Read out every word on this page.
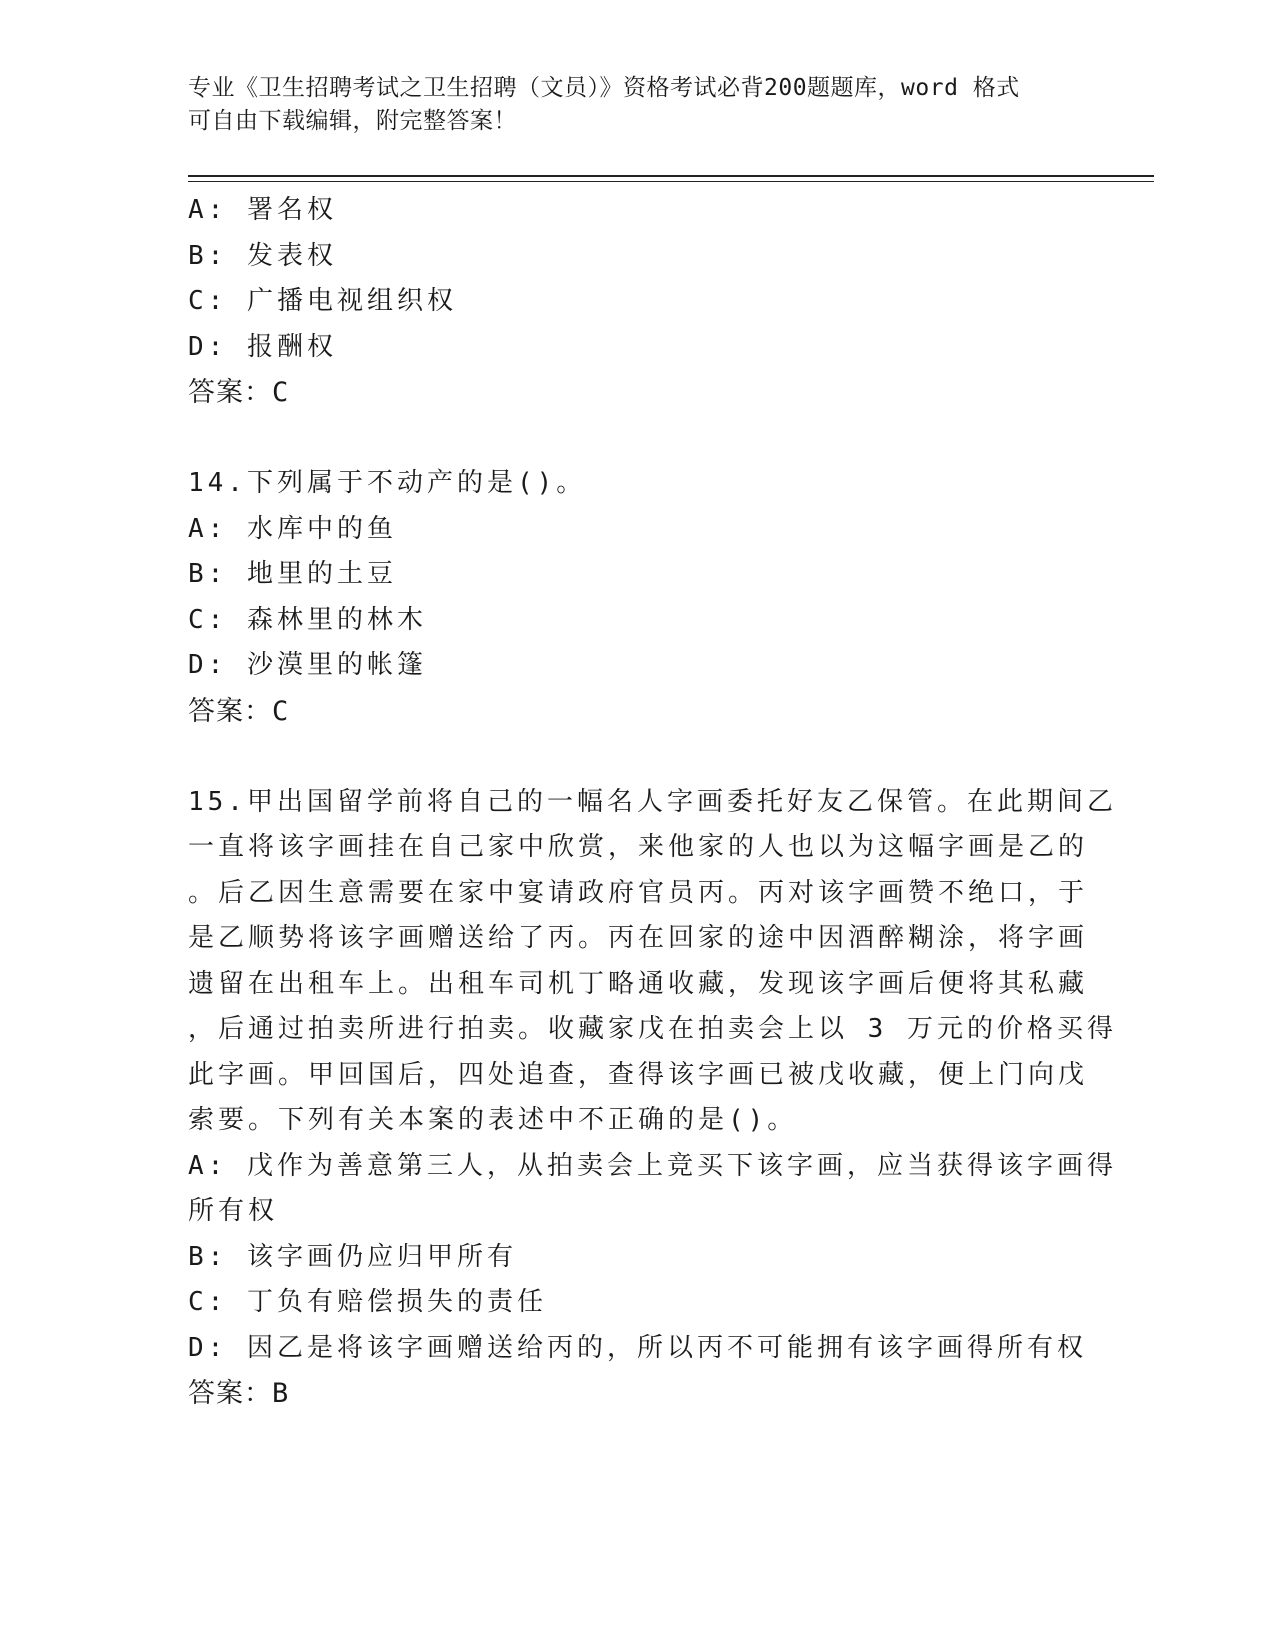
专业《卫生招聘考试之卫生招聘（文员）》资格考试必背200题题库，word 格式
可自由下载编辑，附完整答案！
A: 署名权
B: 发表权
C: 广播电视组织权
D: 报酬权
答案：C
14.下列属于不动产的是()。
A: 水库中的鱼
B: 地里的土豆
C: 森林里的林木
D: 沙漠里的帐篷
答案：C
15.甲出国留学前将自己的一幅名人字画委托好友乙保管。在此期间乙
一直将该字画挂在自己家中欣赏，来他家的人也以为这幅字画是乙的
。后乙因生意需要在家中宴请政府官员丙。丙对该字画赞不绝口，于
是乙顺势将该字画赠送给了丙。丙在回家的途中因酒醉糊涂，将字画
遗留在出租车上。出租车司机丁略通收藏，发现该字画后便将其私藏
，后通过拍卖所进行拍卖。收藏家戊在拍卖会上以 3 万元的价格买得
此字画。甲回国后，四处追查，查得该字画已被戊收藏，便上门向戊
索要。下列有关本案的表述中不正确的是()。
A: 戊作为善意第三人，从拍卖会上竞买下该字画，应当获得该字画得
所有权
B: 该字画仍应归甲所有
C: 丁负有赔偿损失的责任
D: 因乙是将该字画赠送给丙的，所以丙不可能拥有该字画得所有权
答案：B
